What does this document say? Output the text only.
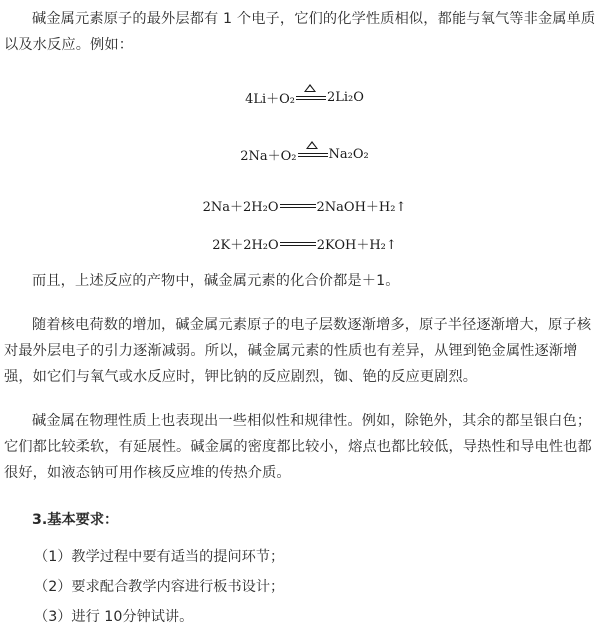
碱金属元素原子的最外层都有 1 个电子，它们的化学性质相似，都能与氧气等非金属单质以及水反应。例如：

4Li＋O₂ 2Li₂O
2Na＋O₂ Na₂O₂
2Na＋2H₂O	2NaOH＋H₂↑
2K＋2H₂O	2KOH＋H₂↑

而且，上述反应的产物中，碱金属元素的化合价都是＋1。

随着核电荷数的增加，碱金属元素原子的电子层数逐渐增多，原子半径逐渐增大，原子核对最外层电子的引力逐渐减弱。所以，碱金属元素的性质也有差异，从锂到铯金属性逐渐增强，如它们与氧气或水反应时，钾比钠的反应剧烈，铷、铯的反应更剧烈。

碱金属在物理性质上也表现出一些相似性和规律性。例如，除铯外，其余的都呈银白色；它们都比较柔软，有延展性。碱金属的密度都比较小，熔点也都比较低，导热性和导电性也都很好，如液态钠可用作核反应堆的传热介质。

3.基本要求：

（1）教学过程中要有适当的提问环节；

（2）要求配合教学内容进行板书设计；

（3）进行 10分钟试讲。
